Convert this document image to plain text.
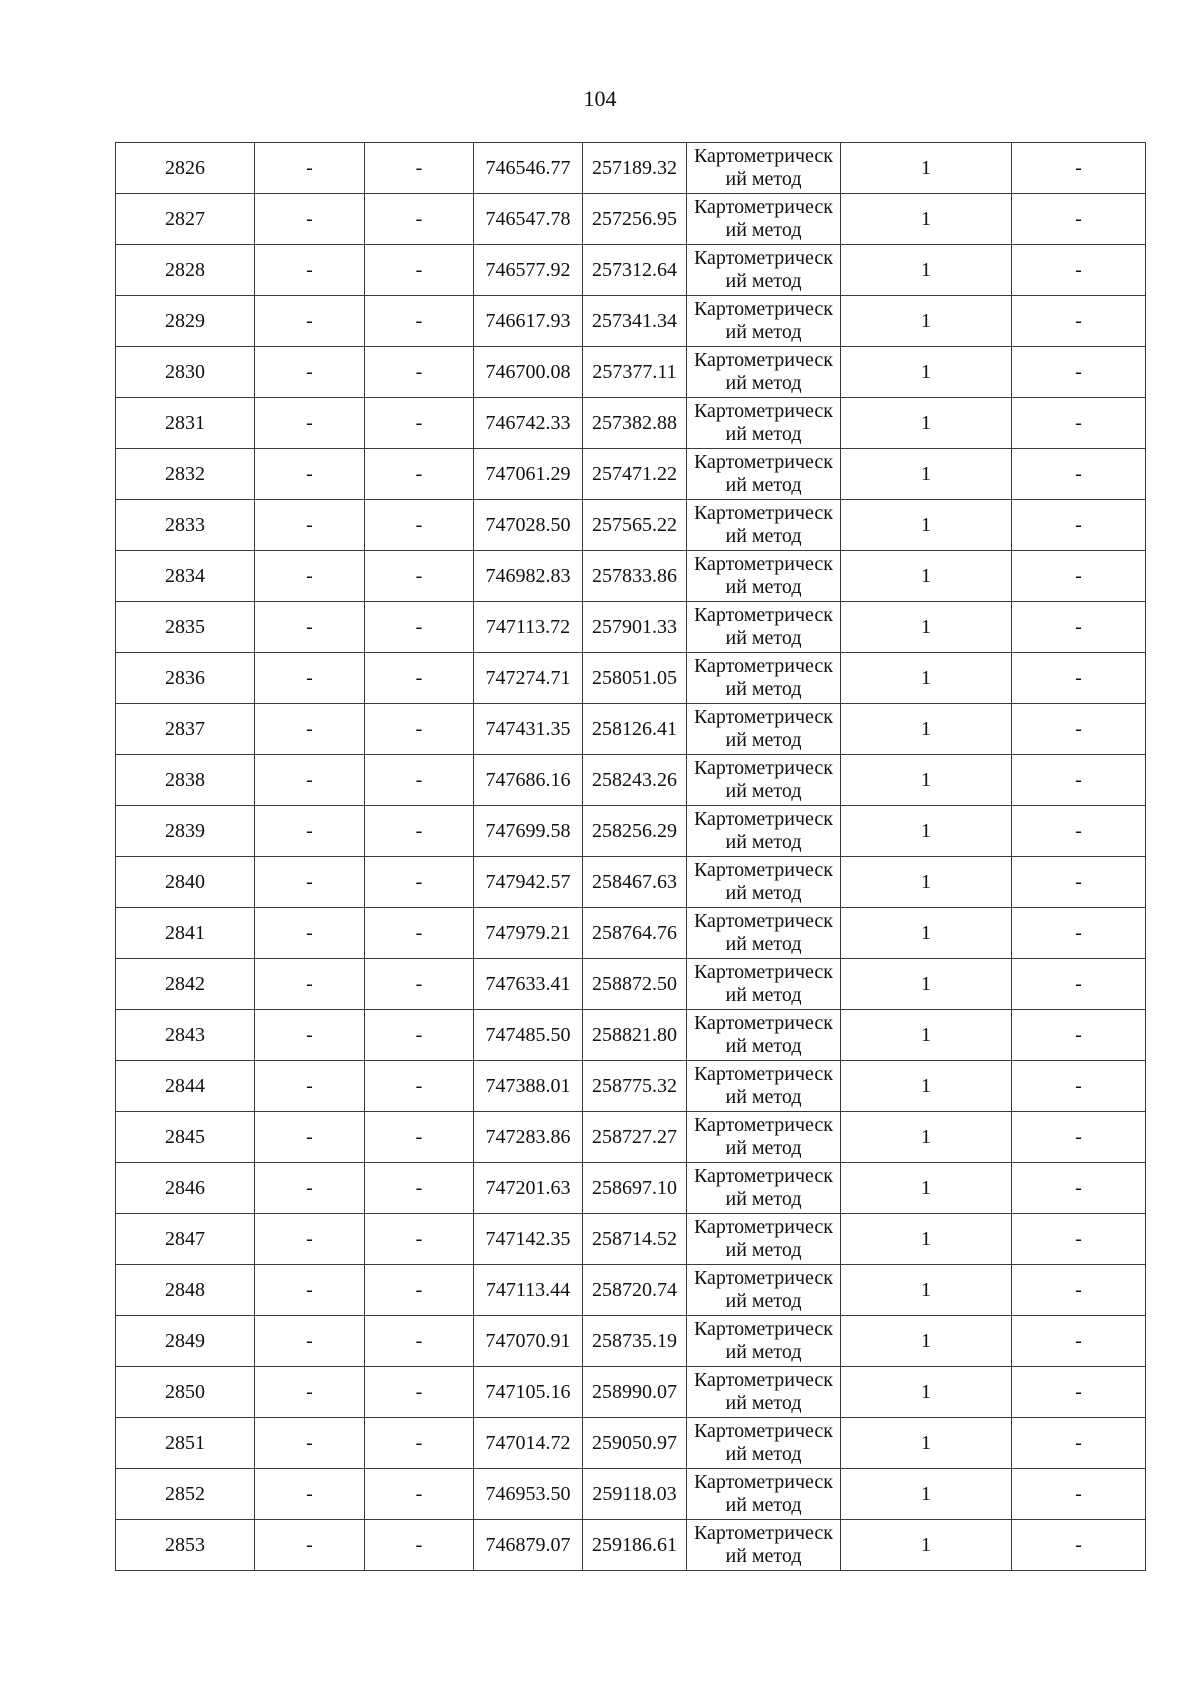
104
2826	-	-	746546.77	257189.32	Картометрический метод	1	-
2827	-	-	746547.78	257256.95	Картометрический метод	1	-
2828	-	-	746577.92	257312.64	Картометрический метод	1	-
2829	-	-	746617.93	257341.34	Картометрический метод	1	-
2830	-	-	746700.08	257377.11	Картометрический метод	1	-
2831	-	-	746742.33	257382.88	Картометрический метод	1	-
2832	-	-	747061.29	257471.22	Картометрический метод	1	-
2833	-	-	747028.50	257565.22	Картометрический метод	1	-
2834	-	-	746982.83	257833.86	Картометрический метод	1	-
2835	-	-	747113.72	257901.33	Картометрический метод	1	-
2836	-	-	747274.71	258051.05	Картометрический метод	1	-
2837	-	-	747431.35	258126.41	Картометрический метод	1	-
2838	-	-	747686.16	258243.26	Картометрический метод	1	-
2839	-	-	747699.58	258256.29	Картометрический метод	1	-
2840	-	-	747942.57	258467.63	Картометрический метод	1	-
2841	-	-	747979.21	258764.76	Картометрический метод	1	-
2842	-	-	747633.41	258872.50	Картометрический метод	1	-
2843	-	-	747485.50	258821.80	Картометрический метод	1	-
2844	-	-	747388.01	258775.32	Картометрический метод	1	-
2845	-	-	747283.86	258727.27	Картометрический метод	1	-
2846	-	-	747201.63	258697.10	Картометрический метод	1	-
2847	-	-	747142.35	258714.52	Картометрический метод	1	-
2848	-	-	747113.44	258720.74	Картометрический метод	1	-
2849	-	-	747070.91	258735.19	Картометрический метод	1	-
2850	-	-	747105.16	258990.07	Картометрический метод	1	-
2851	-	-	747014.72	259050.97	Картометрический метод	1	-
2852	-	-	746953.50	259118.03	Картометрический метод	1	-
2853	-	-	746879.07	259186.61	Картометрический метод	1	-
